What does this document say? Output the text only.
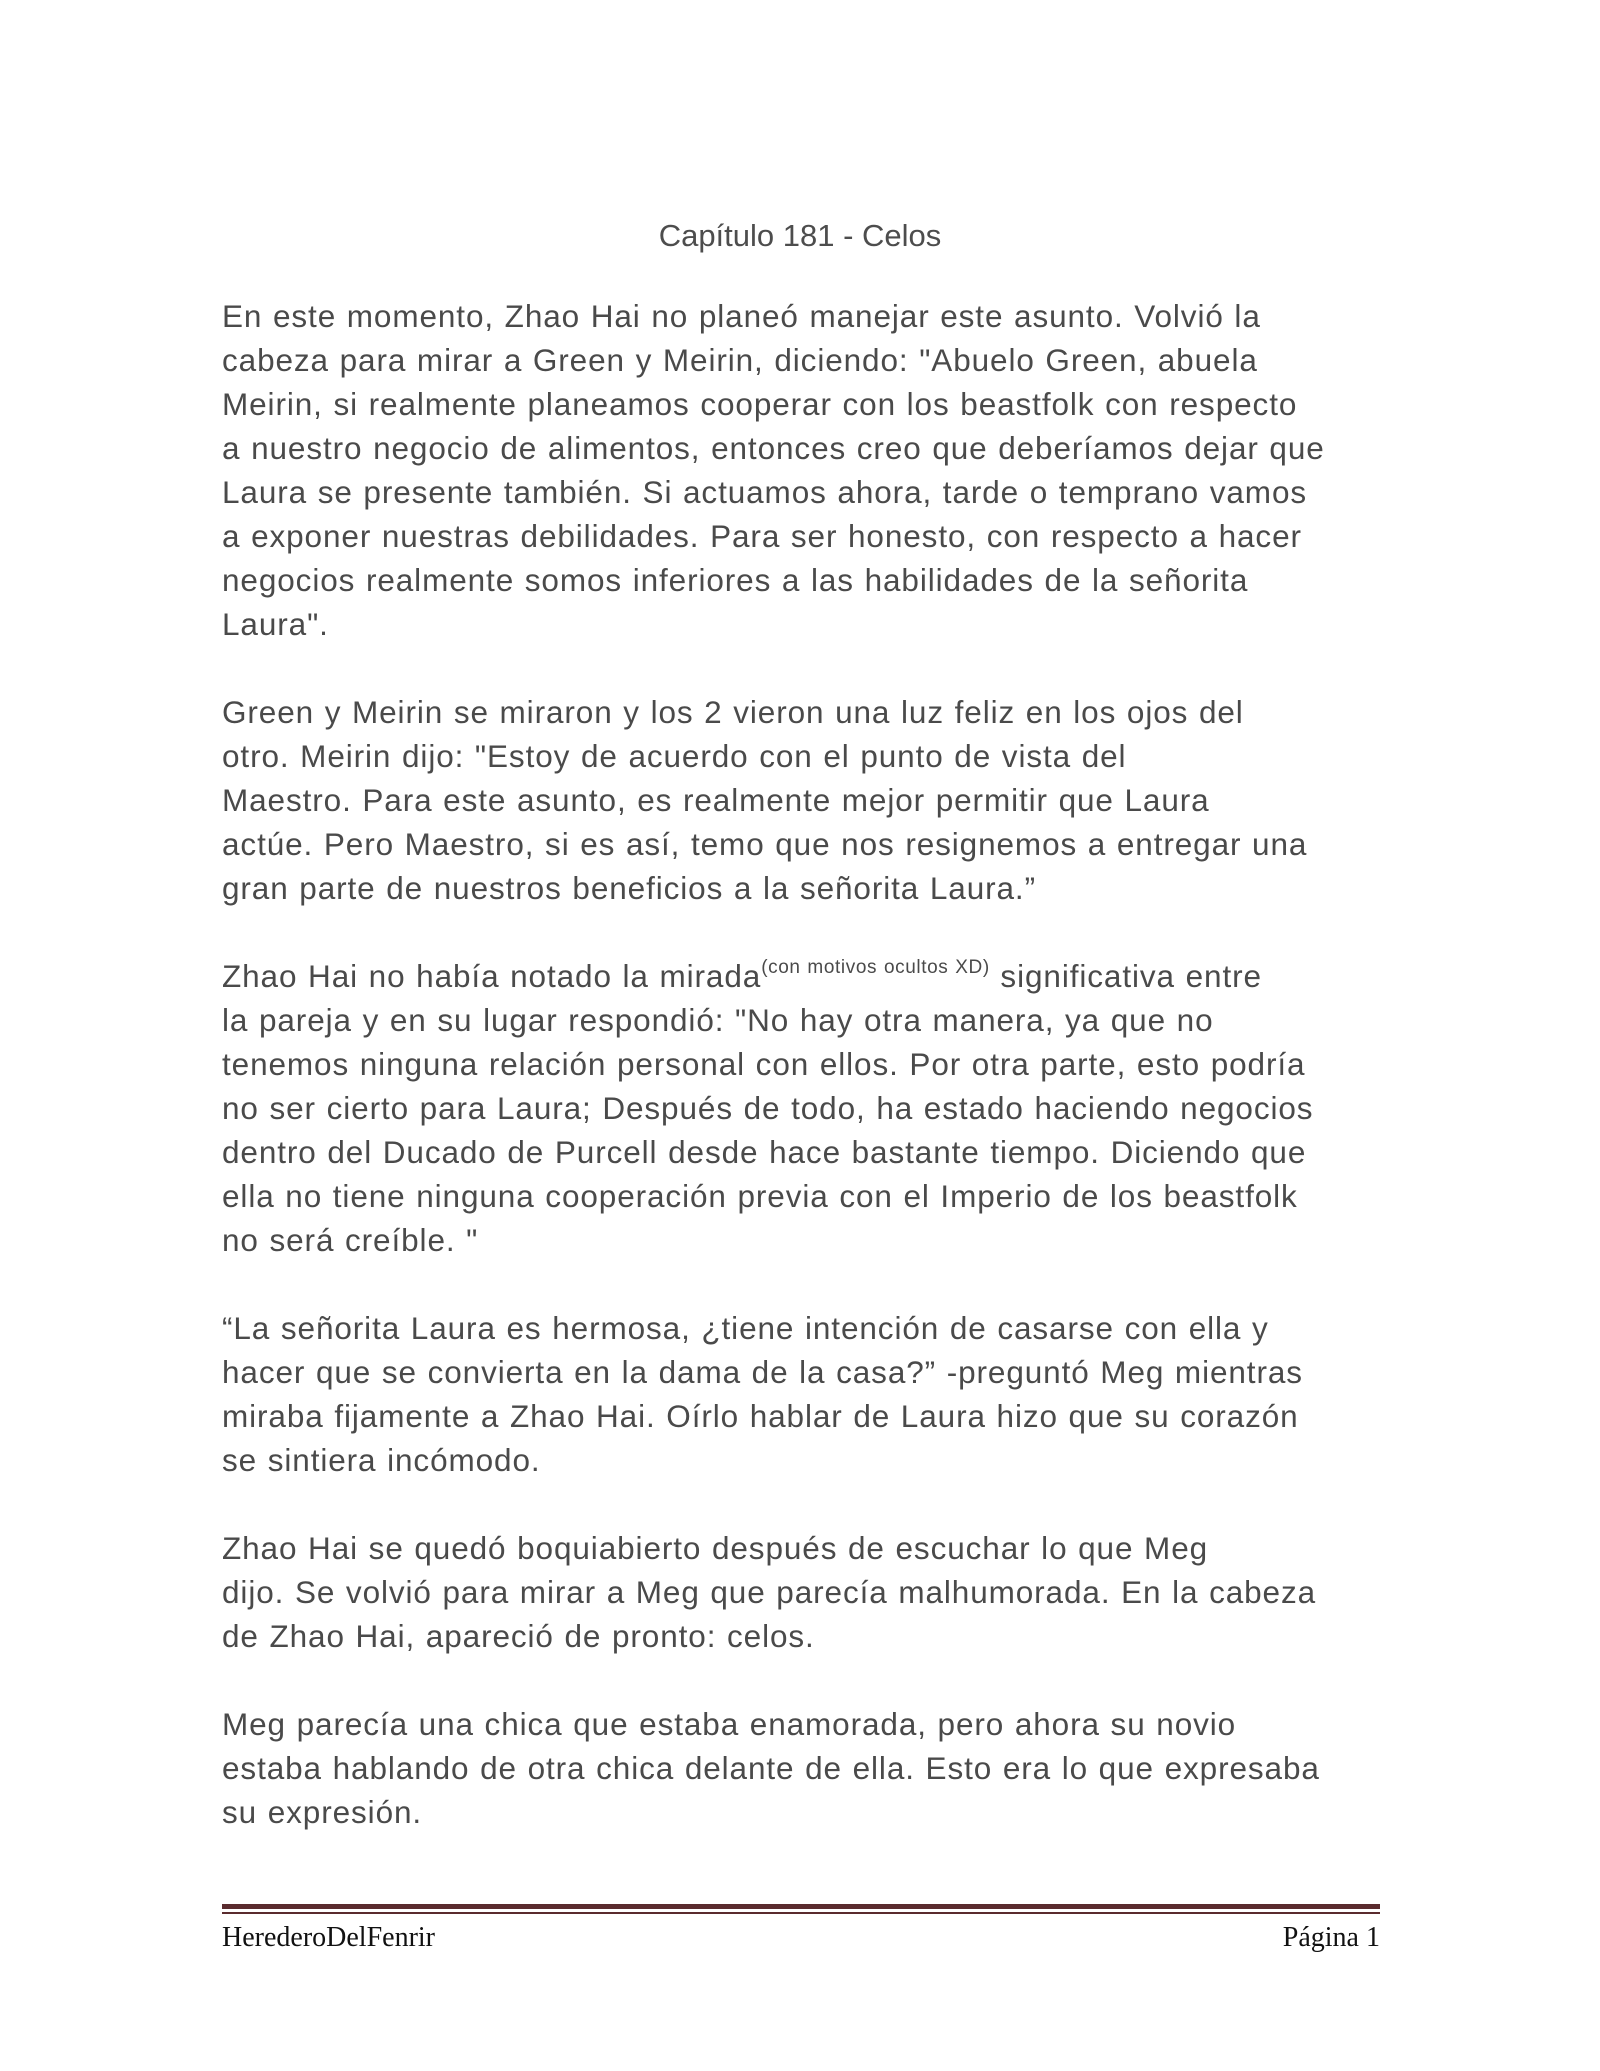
Capítulo 181 - Celos
En este momento, Zhao Hai no planeó manejar este asunto. Volvió la
cabeza para mirar a Green y Meirin, diciendo: "Abuelo Green, abuela
Meirin, si realmente planeamos cooperar con los beastfolk con respecto
a nuestro negocio de alimentos, entonces creo que deberíamos dejar que
Laura se presente también. Si actuamos ahora, tarde o temprano vamos
a exponer nuestras debilidades. Para ser honesto, con respecto a hacer
negocios realmente somos inferiores a las habilidades de la señorita
Laura".
Green y Meirin se miraron y los 2 vieron una luz feliz en los ojos del
otro. Meirin dijo: "Estoy de acuerdo con el punto de vista del
Maestro. Para este asunto, es realmente mejor permitir que Laura
actúe. Pero Maestro, si es así, temo que nos resignemos a entregar una
gran parte de nuestros beneficios a la señorita Laura.”
Zhao Hai no había notado la mirada$^{(con motivos ocultos XD)}$ significativa entre
la pareja y en su lugar respondió: "No hay otra manera, ya que no
tenemos ninguna relación personal con ellos. Por otra parte, esto podría
no ser cierto para Laura; Después de todo, ha estado haciendo negocios
dentro del Ducado de Purcell desde hace bastante tiempo. Diciendo que
ella no tiene ninguna cooperación previa con el Imperio de los beastfolk
no será creíble. "
“La señorita Laura es hermosa, ¿tiene intención de casarse con ella y
hacer que se convierta en la dama de la casa?” -preguntó Meg mientras
miraba fijamente a Zhao Hai. Oírlo hablar de Laura hizo que su corazón
se sintiera incómodo.
Zhao Hai se quedó boquiabierto después de escuchar lo que Meg
dijo. Se volvió para mirar a Meg que parecía malhumorada. En la cabeza
de Zhao Hai, apareció de pronto: celos.
Meg parecía una chica que estaba enamorada, pero ahora su novio
estaba hablando de otra chica delante de ella. Esto era lo que expresaba
su expresión.
HerederoDelFenrir	Página 1
